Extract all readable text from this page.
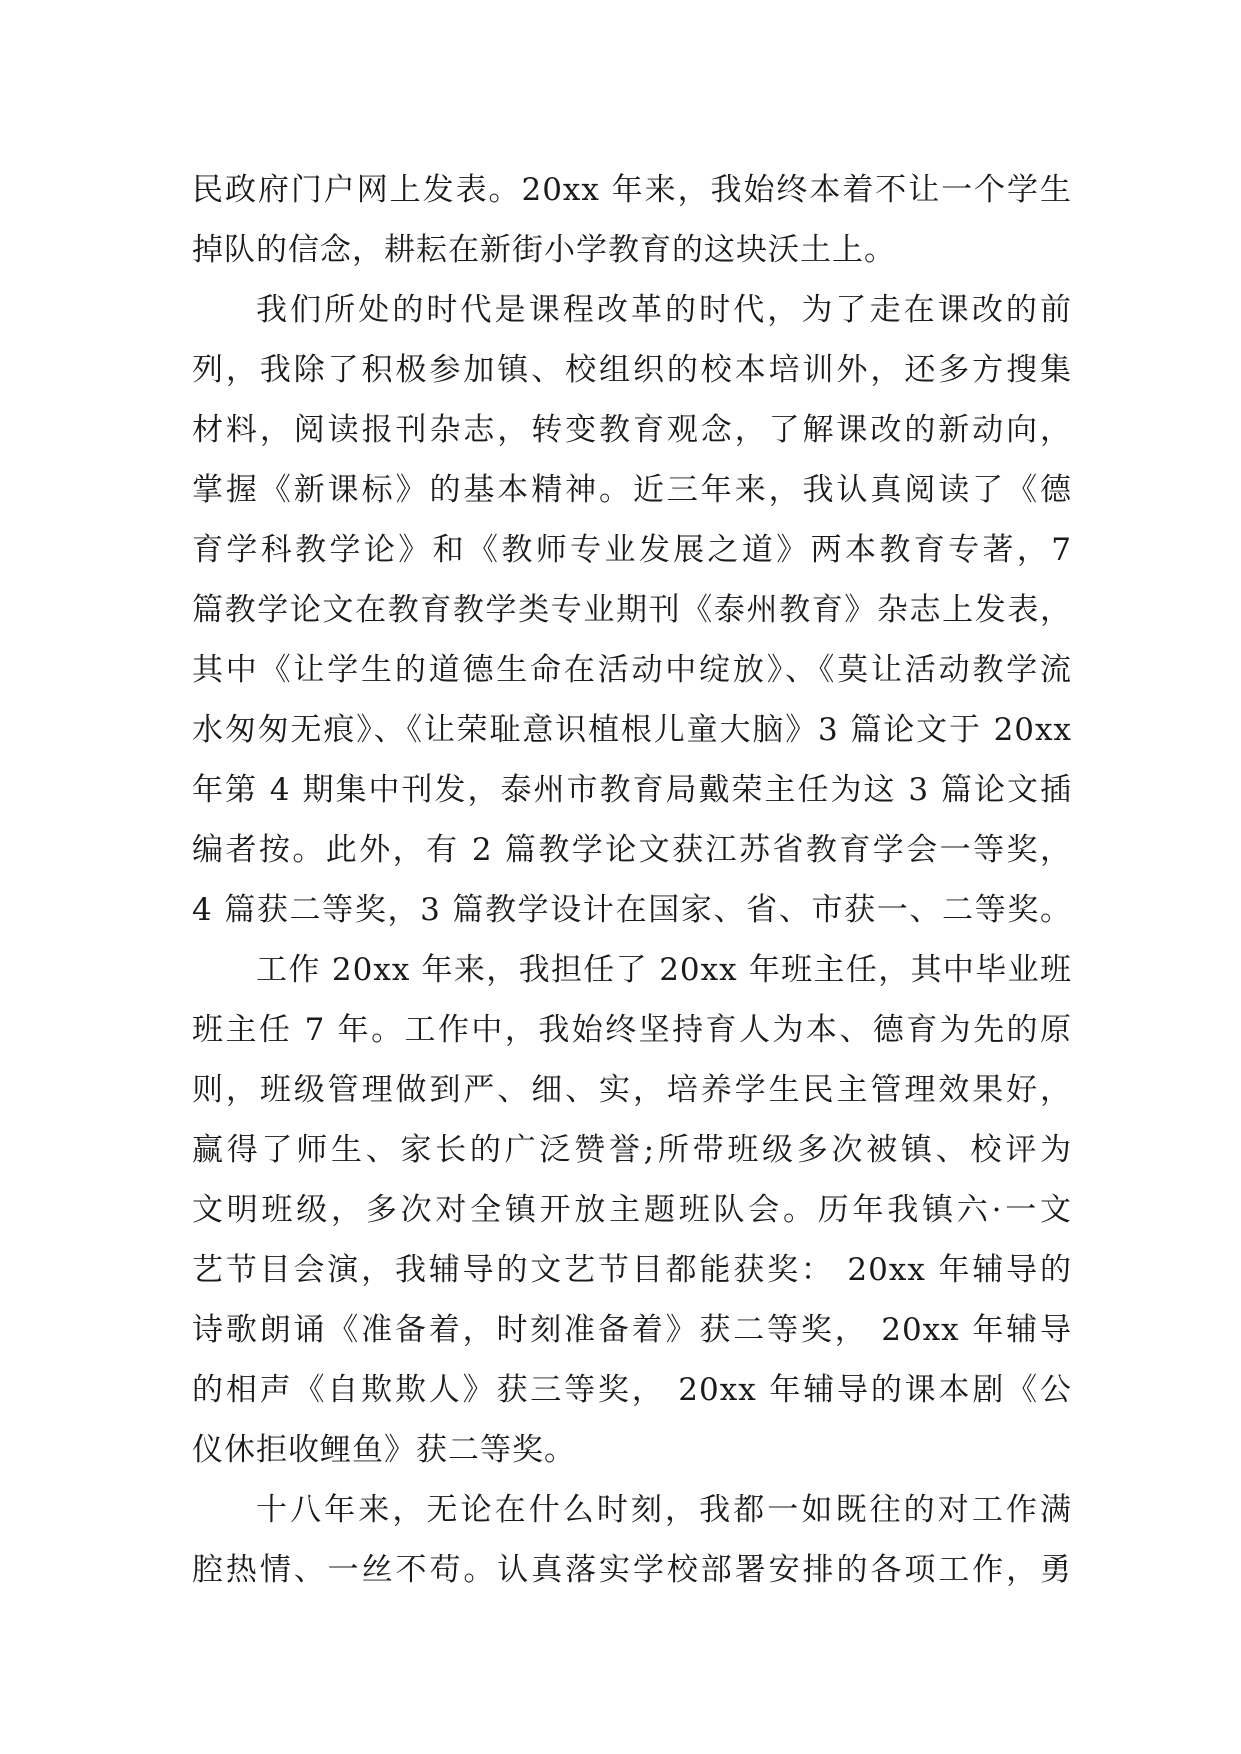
民政府门户网上发表。20xx 年来，我始终本着不让一个学生
掉队的信念，耕耘在新街小学教育的这块沃土上。
我们所处的时代是课程改革的时代，为了走在课改的前
列，我除了积极参加镇、校组织的校本培训外，还多方搜集
材料，阅读报刊杂志，转变教育观念，了解课改的新动向，
掌握《新课标》的基本精神。近三年来，我认真阅读了《德
育学科教学论》和《教师专业发展之道》两本教育专著，7
篇教学论文在教育教学类专业期刊《泰州教育》杂志上发表，
其中《让学生的道德生命在活动中绽放》、《莫让活动教学流
水匆匆无痕》、《让荣耻意识植根儿童大脑》3 篇论文于 20xx
年第 4 期集中刊发，泰州市教育局戴荣主任为这 3 篇论文插
编者按。此外，有 2 篇教学论文获江苏省教育学会一等奖，
4 篇获二等奖，3 篇教学设计在国家、省、市获一、二等奖。
工作 20xx 年来，我担任了 20xx 年班主任，其中毕业班
班主任 7 年。工作中，我始终坚持育人为本、德育为先的原
则，班级管理做到严、细、实，培养学生民主管理效果好，
赢得了师生、家长的广泛赞誉;所带班级多次被镇、校评为
文明班级，多次对全镇开放主题班队会。历年我镇六·一文
艺节目会演，我辅导的文艺节目都能获奖： 20xx 年辅导的
诗歌朗诵《准备着，时刻准备着》获二等奖， 20xx 年辅导
的相声《自欺欺人》获三等奖， 20xx 年辅导的课本剧《公
仪休拒收鲤鱼》获二等奖。
十八年来，无论在什么时刻，我都一如既往的对工作满
腔热情、一丝不苟。认真落实学校部署安排的各项工作，勇
